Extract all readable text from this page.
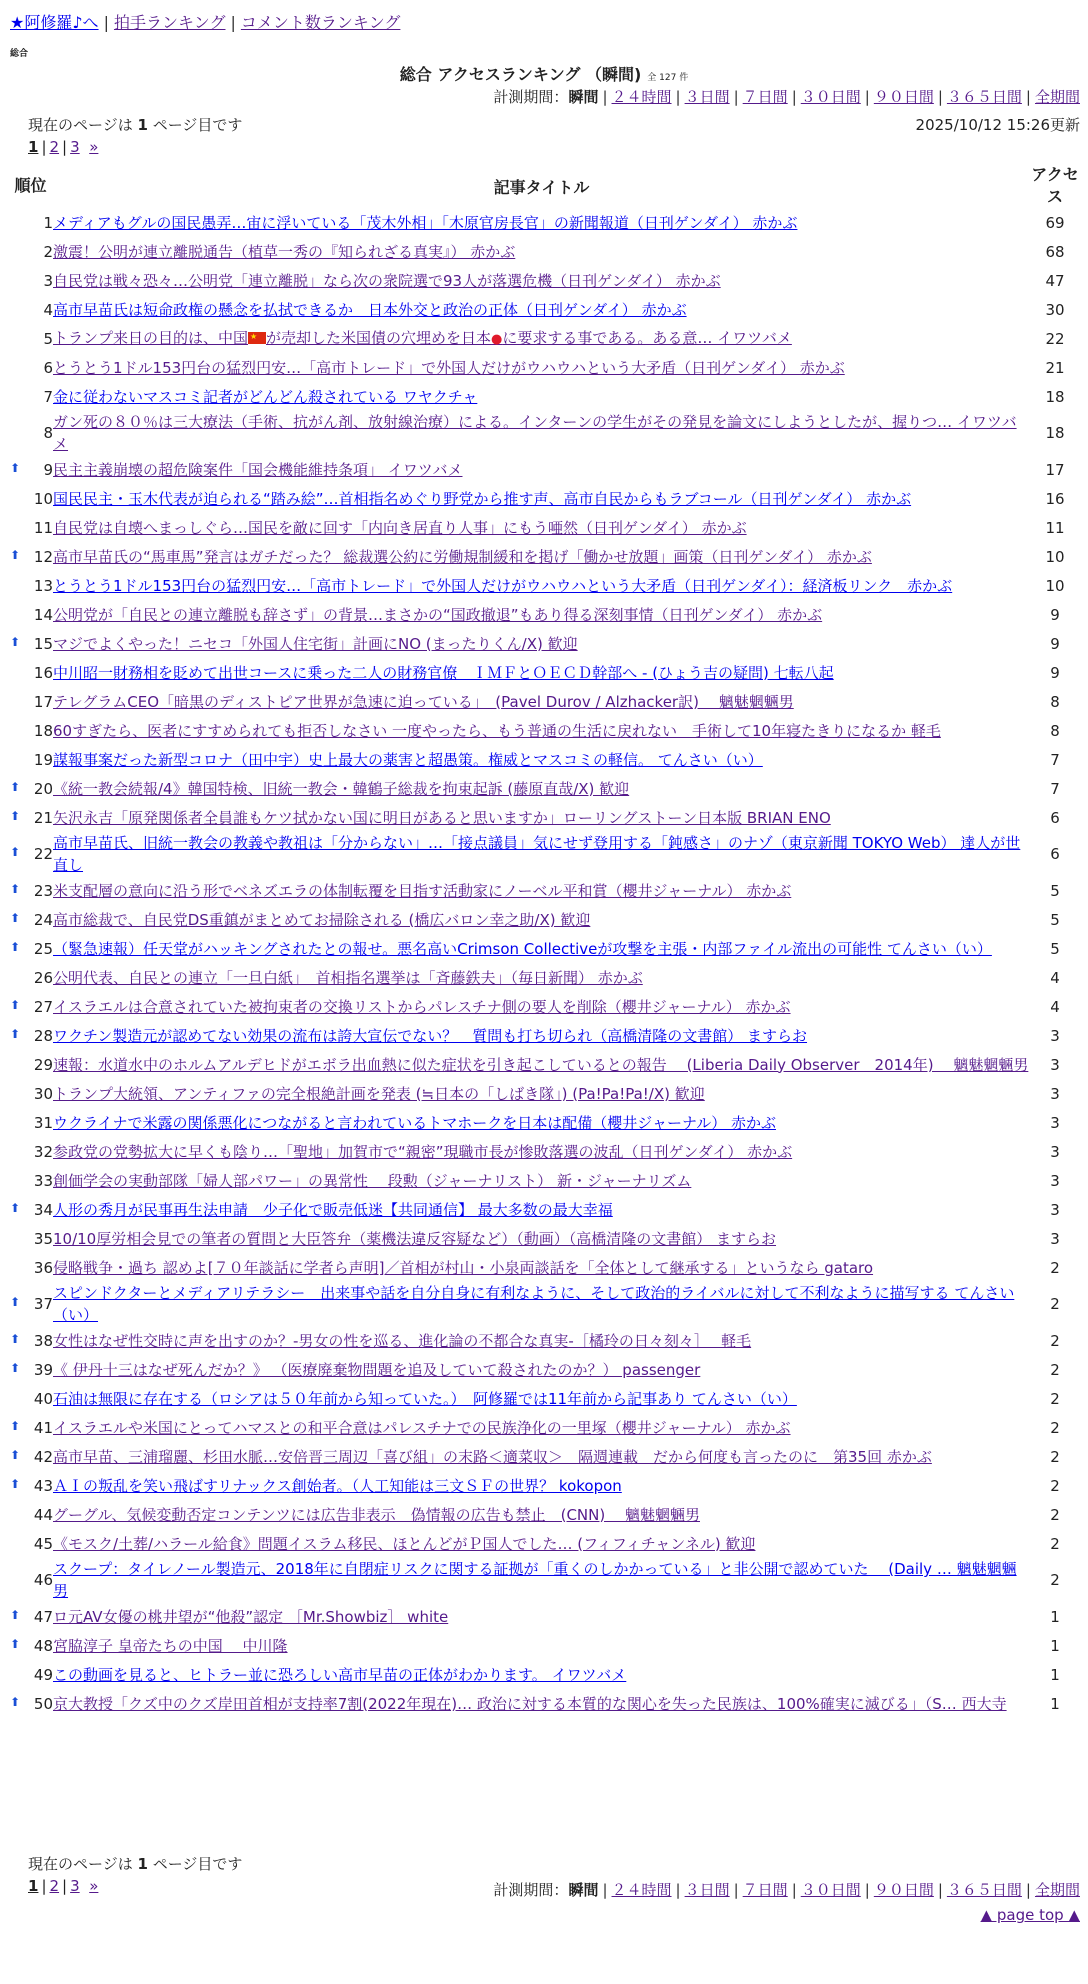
★阿修羅♪へ | 拍手ランキング | コメント数ランキング
総合
総合 アクセスランキング （瞬間) 全 127 件
計測期間：瞬間 | ２４時間 | ３日間 | ７日間 | ３０日間 | ９０日間 | ３６５日間 | 全期間
現在のページは 1 ページ目です	2025/10/12 15:26更新
1 | 2 | 3 »
順位	記事タイトル	アクセス
1	メディアもグルの国民愚弄…宙に浮いている「茂木外相」「木原官房長官」の新聞報道（日刊ゲンダイ） 赤かぶ	69
2	激震！公明が連立離脱通告（植草一秀の『知られざる真実』） 赤かぶ	68
3	自民党は戦々恐々…公明党「連立離脱」なら次の衆院選で93人が落選危機（日刊ゲンダイ） 赤かぶ	47
4	高市早苗氏は短命政権の懸念を払拭できるか　日本外交と政治の正体（日刊ゲンダイ） 赤かぶ	30
5	トランプ来日の目的は、中国 ★ が売却した米国債の穴埋めを日本●に要求する事である。ある意… イワツバメ	22
6	とうとう1ドル153円台の猛烈円安…「高市トレード」で外国人だけがウハウハという大矛盾（日刊ゲンダイ） 赤かぶ	21
7	金に従わないマスコミ記者がどんどん殺されている ワヤクチャ	18
8	ガン死の８０％は三大療法（手術、抗がん剤、放射線治療）による。インターンの学生がその発見を論文にしようとしたが、握りつ… イワツバメ	18

⬆ 9	民主主義崩壊の超危険案件「国会機能維持条項」 イワツバメ	17
10	国民民主・玉木代表が迫られる“踏み絵”…首相指名めぐり野党から推す声、高市自民からもラブコール（日刊ゲンダイ） 赤かぶ	16
11	自民党は自壊へまっしぐら…国民を敵に回す「内向き居直り人事」にもう唖然（日刊ゲンダイ） 赤かぶ	11

⬆ 12	高市早苗氏の“馬車馬”発言はガチだった？ 総裁選公約に労働規制緩和を掲げ「働かせ放題」画策（日刊ゲンダイ） 赤かぶ	10
13	とうとう1ドル153円台の猛烈円安…「高市トレード」で外国人だけがウハウハという大矛盾（日刊ゲンダイ）：経済板リンク　赤かぶ	10
14	公明党が「自民との連立離脱も辞さず」の背景…まさかの“国政撤退”もあり得る深刻事情（日刊ゲンダイ） 赤かぶ	9

⬆ 15	マジでよくやった！ニセコ「外国人住宅街」計画にNO (まったりくん/X) 歓迎	9
16	中川昭一財務相を貶めて出世コースに乗った二人の財務官僚　ＩＭＦとＯＥＣＤ幹部へ - (ひょう吉の疑問) 七転八起	9
17	テレグラムCEO「暗黒のディストピア世界が急速に迫っている」　(Pavel Durov / Alzhacker訳)　 魑魅魍魎男	8
18	60すぎたら、医者にすすめられても拒否しなさい 一度やったら、もう普通の生活に戻れない　手術して10年寝たきりになるか 軽毛	8
19	謀報事案だった新型コロナ（田中宇）史上最大の薬害と超愚策。権威とマスコミの軽信。 てんさい（い）	7

⬆ 20	《統一教会続報/4》韓国特検、旧統一教会・韓鶴子総裁を拘束起訴 (藤原直哉/X) 歓迎	7

⬆ 21	矢沢永吉「原発関係者全員誰もケツ拭かない国に明日があると思いますか」ローリングストーン日本版 BRIAN ENO	6

⬆ 22	高市早苗氏、旧統一教会の教義や教祖は「分からない」…「接点議員」気にせず登用する「鈍感さ」のナゾ（東京新聞 TOKYO Web） 達人が世直し	6

⬆ 23	米支配層の意向に沿う形でベネズエラの体制転覆を目指す活動家にノーベル平和賞（櫻井ジャーナル） 赤かぶ	5

⬆ 24	高市総裁で、自民党DS重鎮がまとめてお掃除される (橋広バロン幸之助/X) 歓迎	5

⬆ 25	（緊急速報）任天堂がハッキングされたとの報せ。悪名高いCrimson Collectiveが攻撃を主張・内部ファイル流出の可能性 てんさい（い）	5
26	公明代表、自民との連立「一旦白紙」　首相指名選挙は「斉藤鉄夫」（毎日新聞） 赤かぶ	4

⬆ 27	イスラエルは合意されていた被拘束者の交換リストからパレスチナ側の要人を削除（櫻井ジャーナル） 赤かぶ	4

⬆ 28	ワクチン製造元が認めてない効果の流布は誇大宣伝でない？　質問も打ち切られ（高橋清隆の文書館） ますらお	3
29	速報：水道水中のホルムアルデヒドがエボラ出血熱に似た症状を引き起こしているとの報告　 (Liberia Daily Observer　2014年)　 魑魅魍魎男	3
30	トランプ大統領、アンティファの完全根絶計画を発表 (≒日本の「しばき隊」) (Pa!Pa!Pa!/X) 歓迎	3
31	ウクライナで米露の関係悪化につながると言われているトマホークを日本は配備（櫻井ジャーナル） 赤かぶ	3
32	参政党の党勢拡大に早くも陰り…「聖地」加賀市で“親密”現職市長が惨敗落選の波乱（日刊ゲンダイ） 赤かぶ	3
33	創価学会の実動部隊「婦人部パワー」の異常性　 段勲（ジャーナリスト） 新・ジャーナリズム	3

⬆ 34	人形の秀月が民事再生法申請　少子化で販売低迷【共同通信】 最大多数の最大幸福	3
35	10/10厚労相会見での筆者の質問と大臣答弁（薬機法違反容疑など）（動画）（高橋清隆の文書館） ますらお	3
36	侵略戦争・過ち 認めよ[７０年談話に学者ら声明]／首相が村山・小泉両談話を「全体として継承する」というなら gataro	2

⬆ 37	スピンドクターとメディアリテラシー　出来事や話を自分自身に有利なように、そして政治的ライバルに対して不利なように描写する てんさい（い）	2

⬆ 38	女性はなぜ性交時に声を出すのか？-男女の性を巡る、進化論の不都合な真実-［橘玲の日々刻々］　 軽毛	2

⬆ 39	《 伊丹十三はなぜ死んだか？》 （医療廃棄物問題を追及していて殺されたのか？） passenger	2
40	石油は無限に存在する（ロシアは５０年前から知っていた。）　阿修羅では11年前から記事あり てんさい（い）	2

⬆ 41	イスラエルや米国にとってハマスとの和平合意はパレスチナでの民族浄化の一里塚（櫻井ジャーナル） 赤かぶ	2

⬆ 42	高市早苗、三浦瑠麗、杉田水脈…安倍晋三周辺「喜び組」の末路＜適菜収＞　隔週連載　だから何度も言ったのに　第35回 赤かぶ	2

⬆ 43	ＡＩの叛乱を笑い飛ばすリナックス創始者。（人工知能は三文ＳＦの世界？ kokopon	2
44	グーグル、気候変動否定コンテンツには広告非表示　偽情報の広告も禁止　(CNN)　 魑魅魍魎男	2
45	《モスク/土葬/ハラール給食》問題イスラム移民、ほとんどがＰ国人でした… (フィフィチャンネル) 歓迎	2
46	スクープ：タイレノール製造元、2018年に自閉症リスクに関する証拠が「重くのしかかっている」と非公開で認めていた　 (Daily … 魑魅魍魎男	2

⬆ 47	ロ元AV女優の桃井望が“他殺”認定 ［Mr.Showbiz］ white	1

⬆ 48	宮脇淳子 皇帝たちの中国　 中川隆	1
49	この動画を見ると、ヒトラー並に恐ろしい高市早苗の正体がわかります。 イワツバメ	1

⬆ 50	京大教授「クズ中のクズ岸田首相が支持率7割(2022年現在)… 政治に対する本質的な関心を失った民族は、100%確実に滅びる」（S… 西大寺	1
現在のページは 1 ページ目です
1 | 2 | 3 »	計測期間：瞬間 | ２４時間 | ３日間 | ７日間 | ３０日間 | ９０日間 | ３６５日間 | 全期間
▲ page top ▲
